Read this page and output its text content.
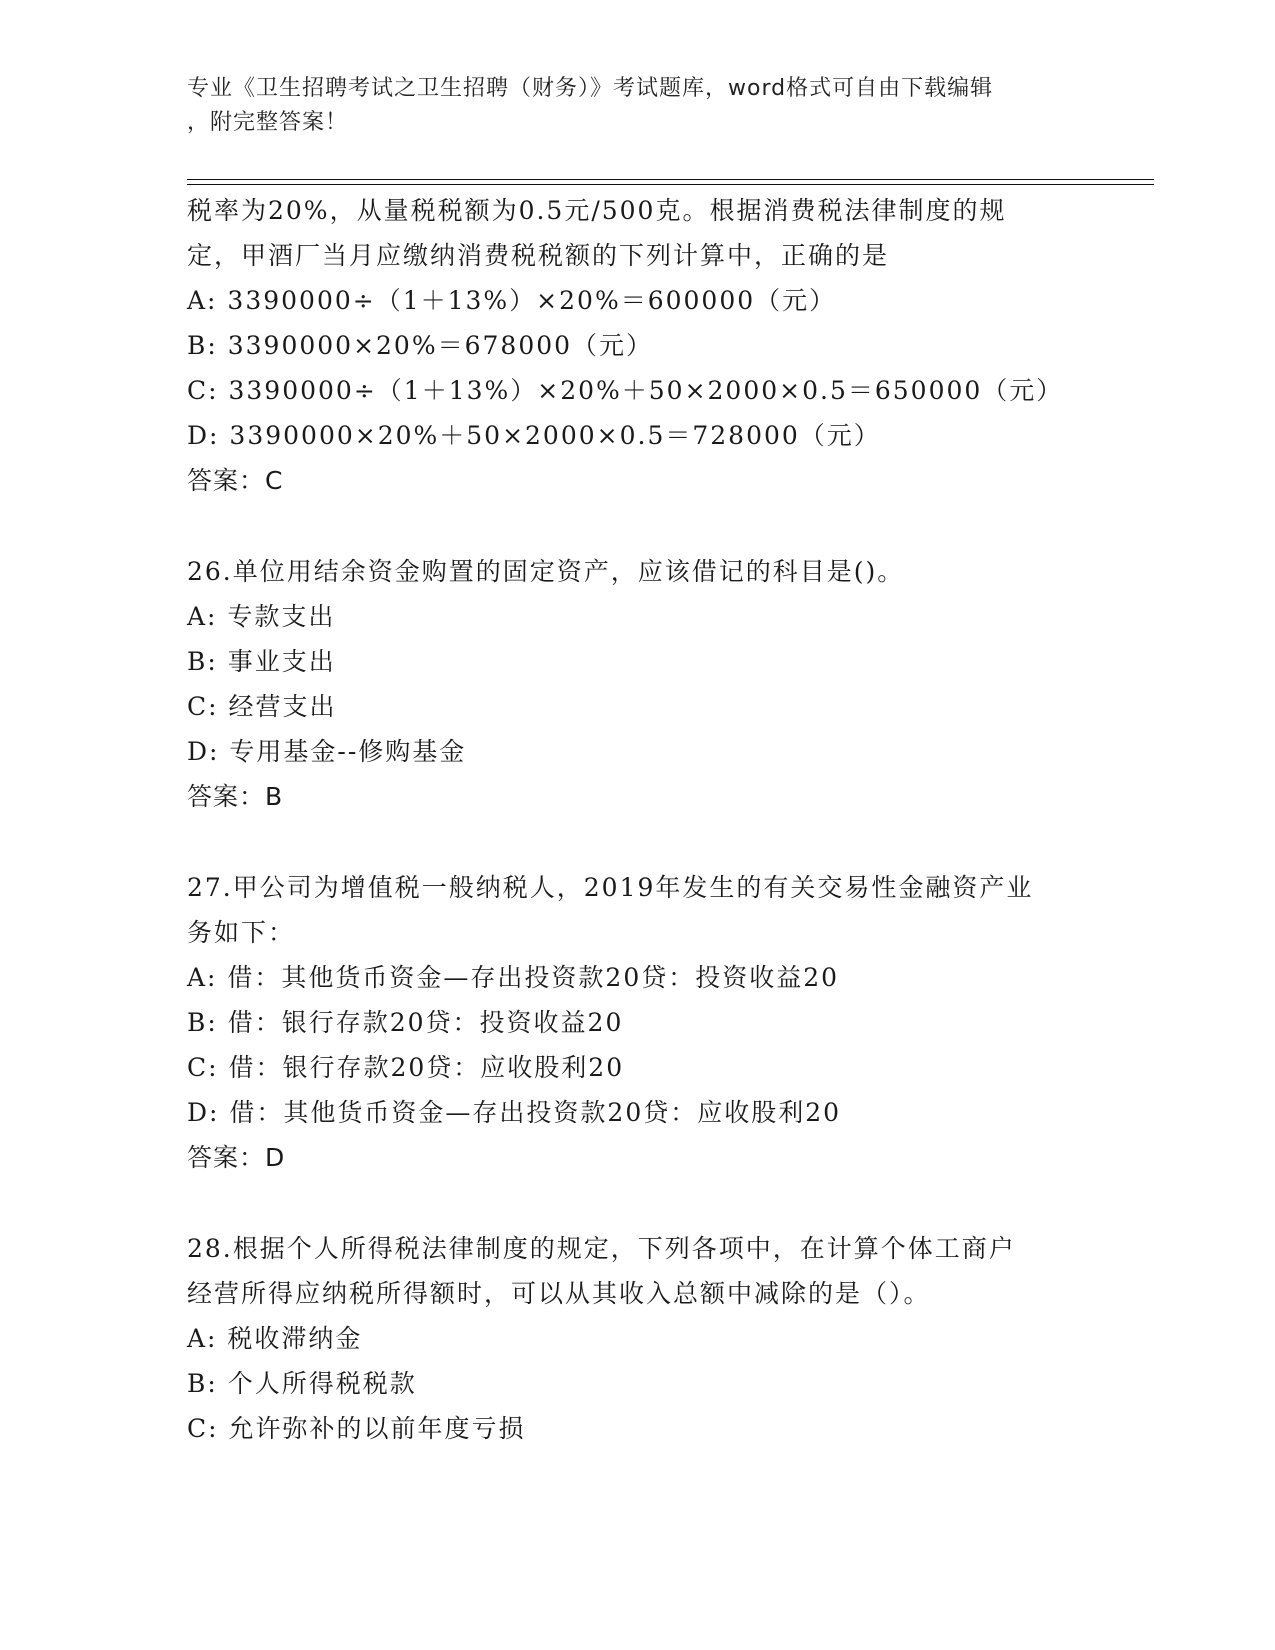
专业《卫生招聘考试之卫生招聘（财务）》考试题库，word格式可自由下载编辑
，附完整答案！
税率为20%，从量税税额为0.5元/500克。根据消费税法律制度的规
定，甲酒厂当月应缴纳消费税税额的下列计算中，正确的是
A: 3390000÷（1＋13%）×20%＝600000（元）
B: 3390000×20%＝678000（元）
C: 3390000÷（1＋13%）×20%＋50×2000×0.5＝650000（元）
D: 3390000×20%＋50×2000×0.5＝728000（元）
答案：C
26.单位用结余资金购置的固定资产，应该借记的科目是()。
A: 专款支出
B: 事业支出
C: 经营支出
D: 专用基金--修购基金
答案：B
27.甲公司为增值税一般纳税人，2019年发生的有关交易性金融资产业
务如下：
A: 借：其他货币资金—存出投资款20贷：投资收益20
B: 借：银行存款20贷：投资收益20
C: 借：银行存款20贷：应收股利20
D: 借：其他货币资金—存出投资款20贷：应收股利20
答案：D
28.根据个人所得税法律制度的规定，下列各项中，在计算个体工商户
经营所得应纳税所得额时，可以从其收入总额中减除的是（）。
A: 税收滞纳金
B: 个人所得税税款
C: 允许弥补的以前年度亏损
